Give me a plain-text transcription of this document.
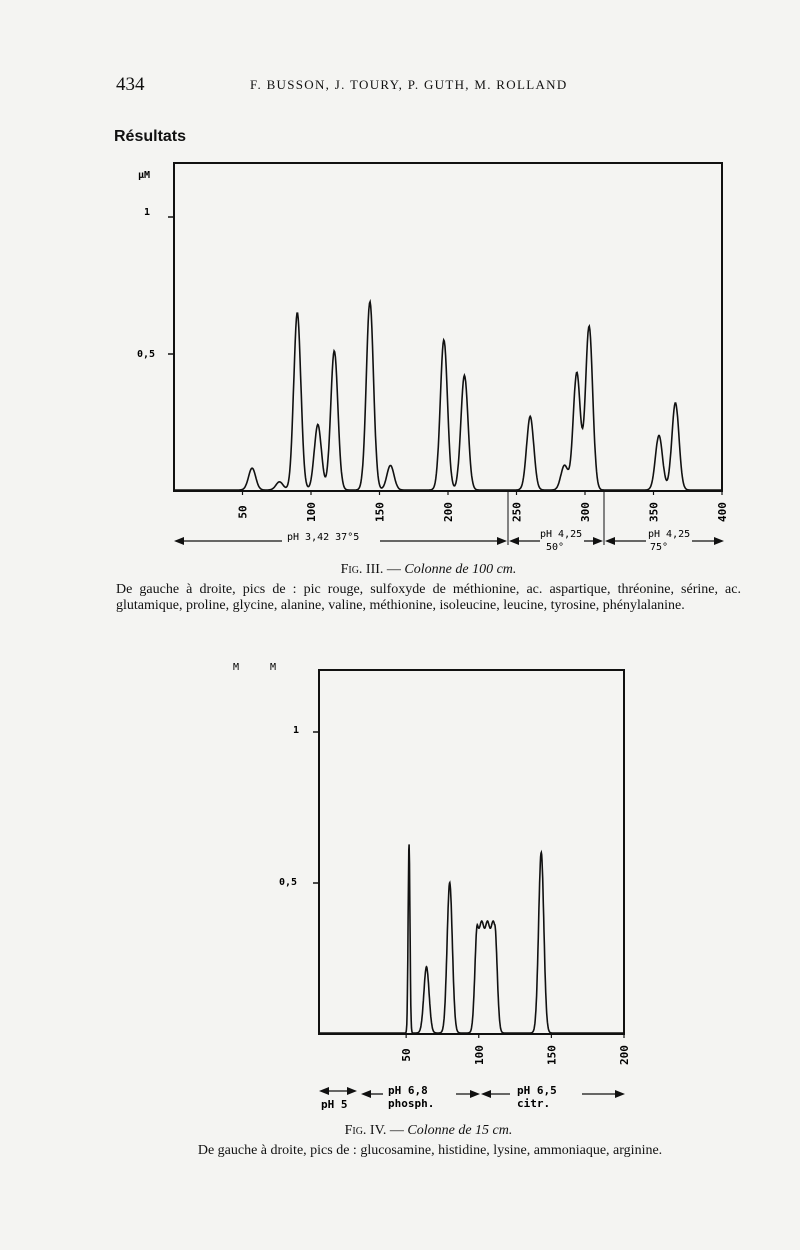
434	F. BUSSON, J. TOURY, P. GUTH, M. ROLLAND
Résultats
µM
1
0,5
50	100	150	200	250	300	350	400
pH 3,42 37°5	pH 4,25
50°
pH 4,25
75°
M	M
1
0,5
50	100	150	200
pH 5
pH 6,8
phosph.
pH 6,5
citr.
Fig. III. — Colonne de 100 cm.
De gauche à droite, pics de : pic rouge, sulfoxyde de méthionine, ac. aspartique, thréonine, sérine, ac. glutamique, proline, glycine, alanine, valine, méthionine, isoleucine, leucine, tyrosine, phénylalanine.
Fig. IV. — Colonne de 15 cm.
De gauche à droite, pics de : glucosamine, histidine, lysine, ammoniaque, arginine.
